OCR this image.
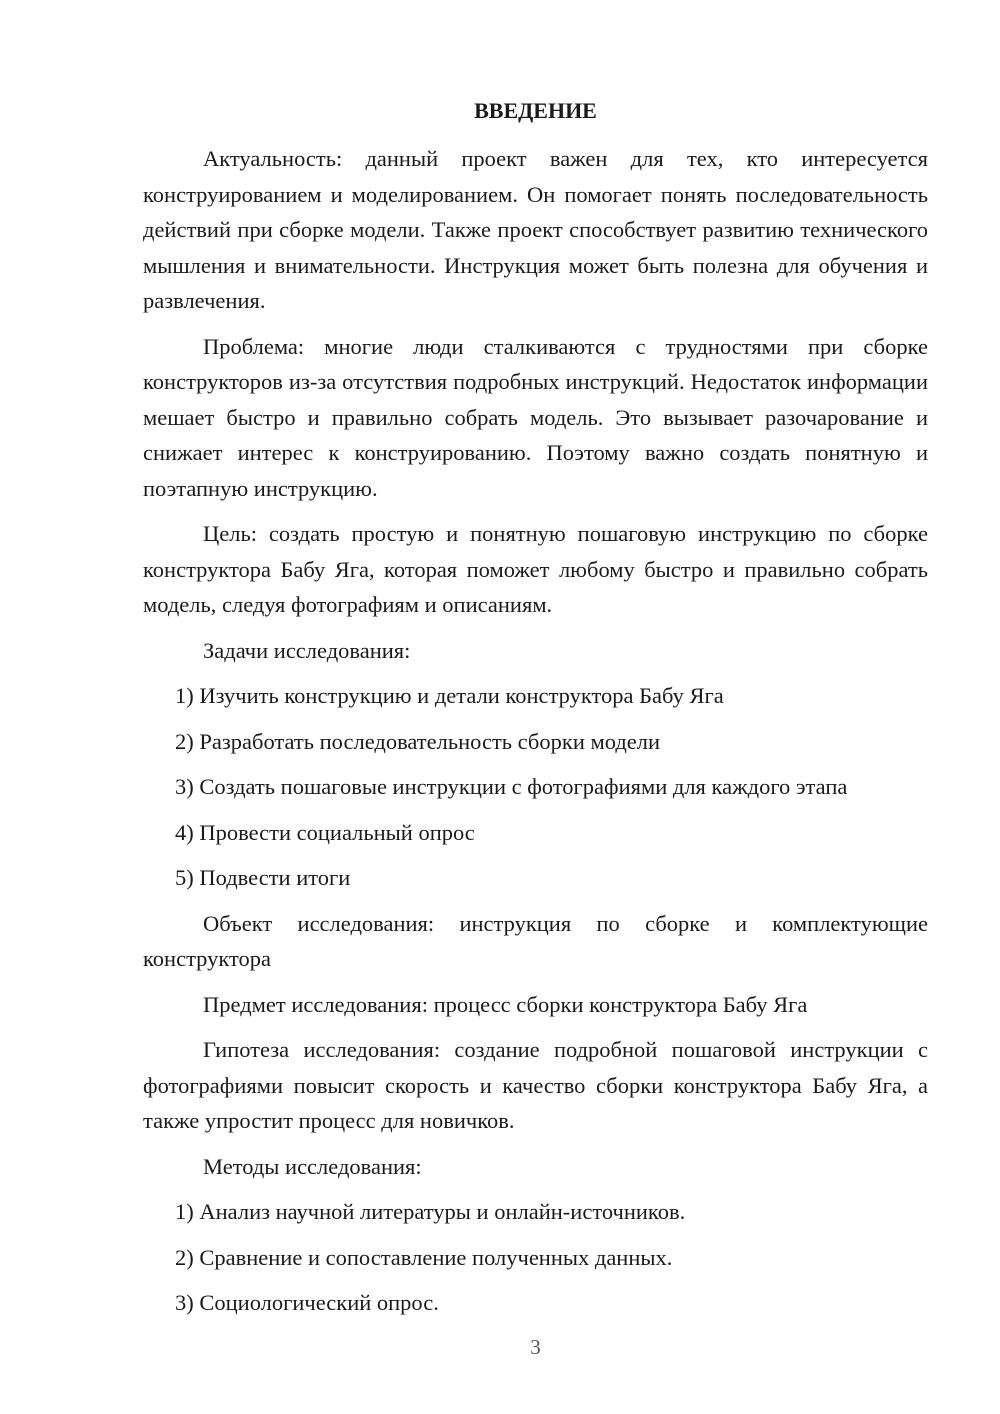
ВВЕДЕНИЕ

Актуальность: данный проект важен для тех, кто интересуется конструированием и моделированием. Он помогает понять последовательность действий при сборке модели. Также проект способствует развитию технического мышления и внимательности. Инструкция может быть полезна для обучения и развлечения.

Проблема: многие люди сталкиваются с трудностями при сборке конструкторов из-за отсутствия подробных инструкций. Недостаток информации мешает быстро и правильно собрать модель. Это вызывает разочарование и снижает интерес к конструированию. Поэтому важно создать понятную и поэтапную инструкцию.

Цель: создать простую и понятную пошаговую инструкцию по сборке конструктора Бабу Яга, которая поможет любому быстро и правильно собрать модель, следуя фотографиям и описаниям.

Задачи исследования:

1) Изучить конструкцию и детали конструктора Бабу Яга

2) Разработать последовательность сборки модели

3) Создать пошаговые инструкции с фотографиями для каждого этапа

4) Провести социальный опрос

5) Подвести итоги

Объект исследования: инструкция по сборке и комплектующие конструктора

Предмет исследования: процесс сборки конструктора Бабу Яга

Гипотеза исследования: создание подробной пошаговой инструкции с фотографиями повысит скорость и качество сборки конструктора Бабу Яга, а также упростит процесс для новичков.

Методы исследования:

1) Анализ научной литературы и онлайн-источников.

2) Сравнение и сопоставление полученных данных.

3) Социологический опрос.

3
